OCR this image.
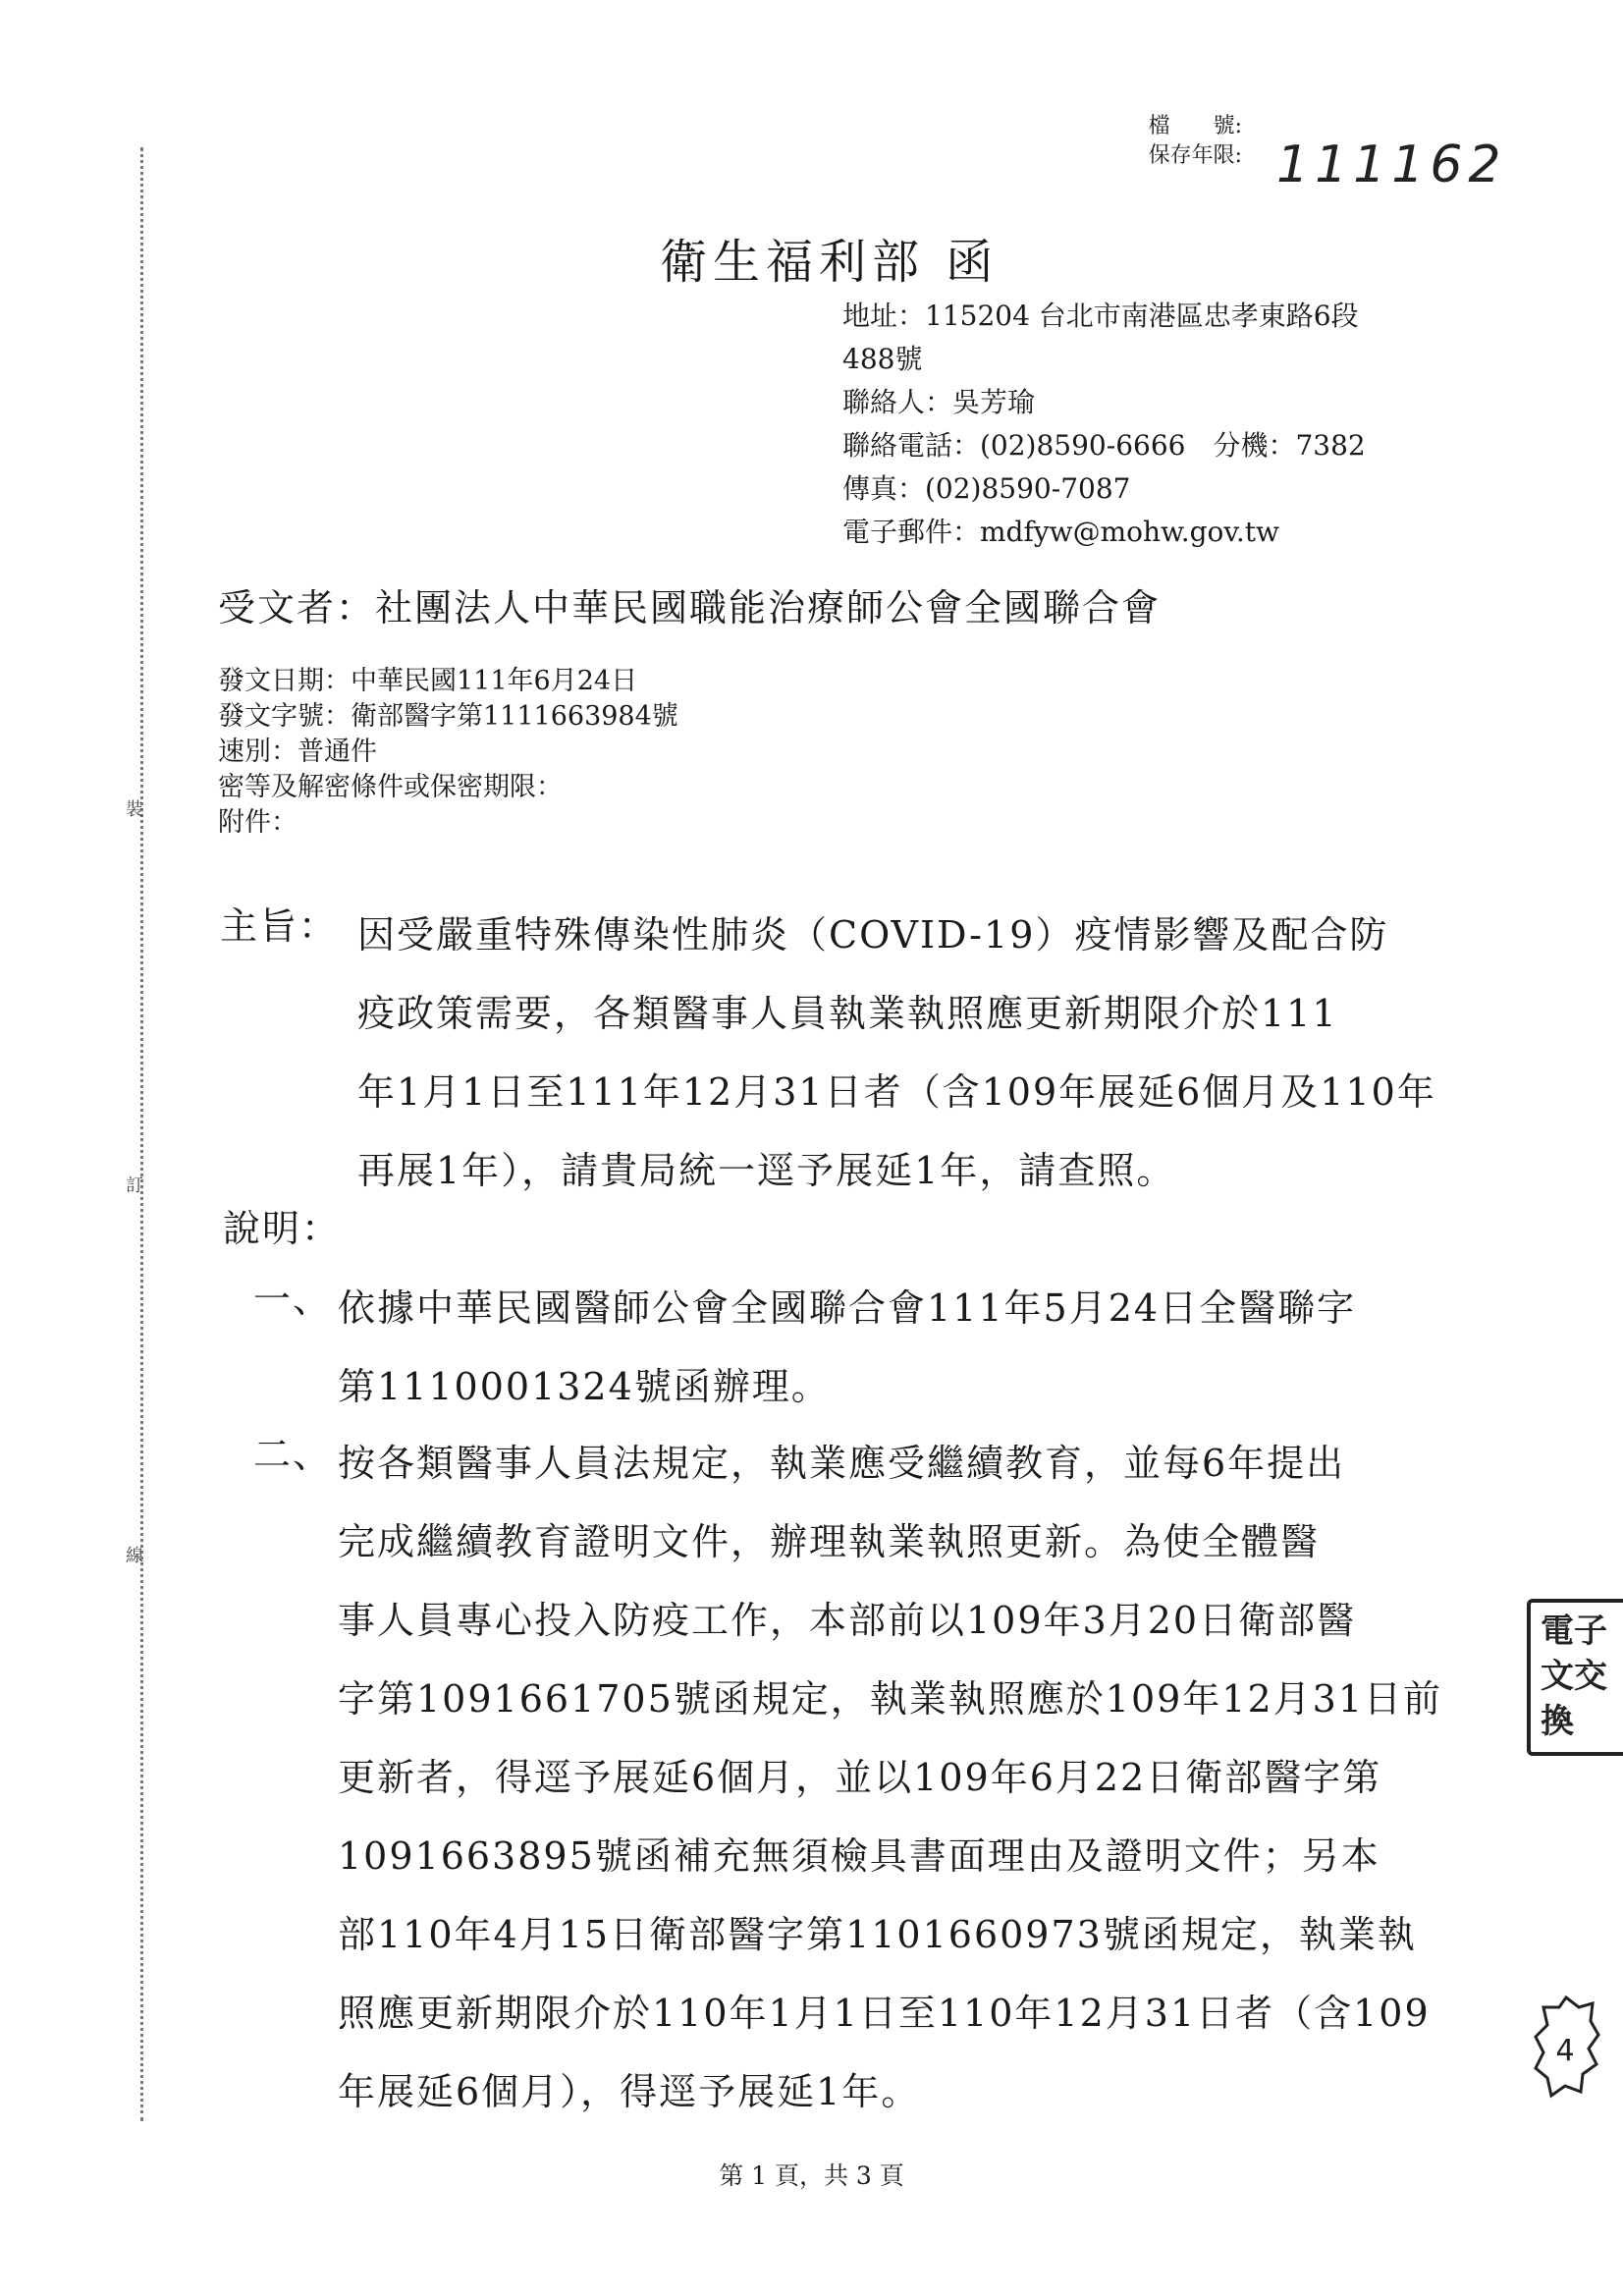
檔　　號:
保存年限: 111162
裝
訂
線
衛生福利部 函
地址：115204 台北市南港區忠孝東路6段
488號
聯絡人：吳芳瑜
聯絡電話：(02)8590-6666　分機：7382
傳真：(02)8590-7087
電子郵件：mdfyw@mohw.gov.tw
受文者：社團法人中華民國職能治療師公會全國聯合會
發文日期：中華民國111年6月24日
發文字號：衛部醫字第1111663984號
速別：普通件
密等及解密條件或保密期限：
附件：
主旨： 因受嚴重特殊傳染性肺炎（COVID-19）疫情影響及配合防
疫政策需要，各類醫事人員執業執照應更新期限介於111
年1月1日至111年12月31日者（含109年展延6個月及110年
再展1年），請貴局統一逕予展延1年，請查照。
說明：
一、 依據中華民國醫師公會全國聯合會111年5月24日全醫聯字
第1110001324號函辦理。
二、 按各類醫事人員法規定，執業應受繼續教育，並每6年提出
完成繼續教育證明文件，辦理執業執照更新。為使全體醫
事人員專心投入防疫工作，本部前以109年3月20日衛部醫
字第1091661705號函規定，執業執照應於109年12月31日前
更新者，得逕予展延6個月，並以109年6月22日衛部醫字第
1091663895號函補充無須檢具書面理由及證明文件；另本
部110年4月15日衛部醫字第1101660973號函規定，執業執
照應更新期限介於110年1月1日至110年12月31日者（含109
年展延6個月），得逕予展延1年。
電子文交換
4
第 1 頁，共 3 頁
